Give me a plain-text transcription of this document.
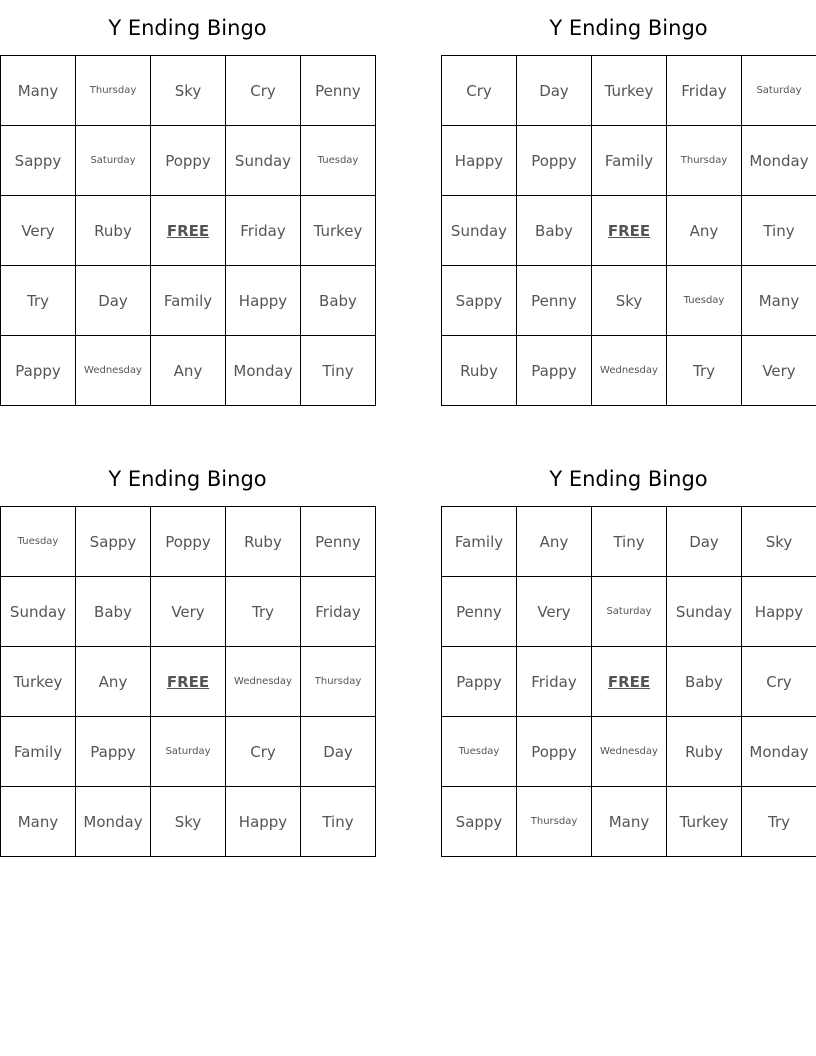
Y Ending Bingo
Many	Thursday	Sky	Cry	Penny
Sappy	Saturday	Poppy	Sunday	Tuesday
Very	Ruby	FREE	Friday	Turkey
Try	Day	Family	Happy	Baby
Pappy	Wednesday	Any	Monday	Tiny
Y Ending Bingo
Cry	Day	Turkey	Friday	Saturday
Happy	Poppy	Family	Thursday	Monday
Sunday	Baby	FREE	Any	Tiny
Sappy	Penny	Sky	Tuesday	Many
Ruby	Pappy	Wednesday	Try	Very
Y Ending Bingo
Tuesday	Sappy	Poppy	Ruby	Penny
Sunday	Baby	Very	Try	Friday
Turkey	Any	FREE	Wednesday	Thursday
Family	Pappy	Saturday	Cry	Day
Many	Monday	Sky	Happy	Tiny
Y Ending Bingo
Family	Any	Tiny	Day	Sky
Penny	Very	Saturday	Sunday	Happy
Pappy	Friday	FREE	Baby	Cry
Tuesday	Poppy	Wednesday	Ruby	Monday
Sappy	Thursday	Many	Turkey	Try
